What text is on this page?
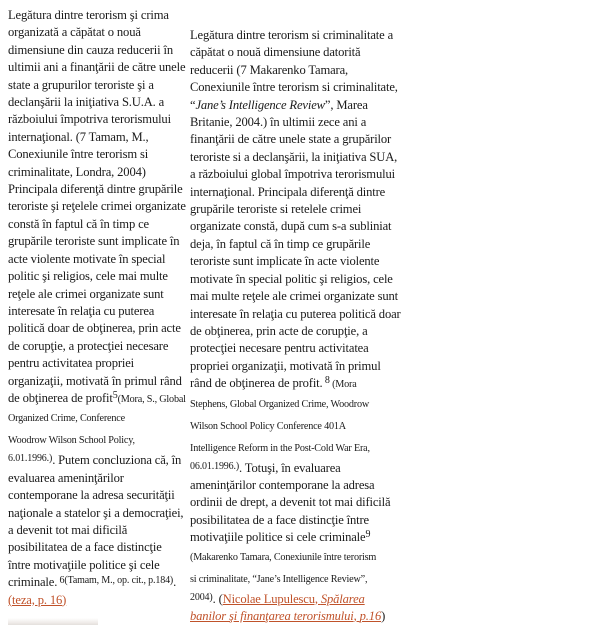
Legătura dintre terorism şi crima organizată a căpătat o nouă dimensiune din cauza reducerii în ultimii ani a finanţării de către unele state a grupurilor teroriste şi a declanşării la iniţiativa S.U.A. a războiului împotriva terorismului internaţional. (7 Tamam, M., Conexiunile între terorism si criminalitate, Londra, 2004) Principala diferenţă dintre grupările teroriste şi reţelele crimei organizate constă în faptul că în timp ce grupările teroriste sunt implicate în acte violente motivate în special politic şi religios, cele mai multe reţele ale crimei organizate sunt interesate în relaţia cu puterea politică doar de obţinerea, prin acte de corupţie, a protecţiei necesare pentru activitatea propriei organizaţii, motivată în primul rând de obţinerea de profit$^5$(Mora, S., Global
Organized Crime, Conference
Woodrow Wilson School Policy,
$^{6.01.1996.)}$. Putem concluziona că, în evaluarea ameninţărilor contemporane la adresa securităţii naţionale a statelor şi a democraţiei, a devenit tot mai dificilă posibilitatea de a face distincţie între motivaţiile politice şi cele criminale. $^{6(Tamam, M., op. cit., p.184)}$. (teza, p. 16)

Legătura dintre terorism si criminalitate a căpătat o nouă dimensiune datorită reducerii (7 Makarenko Tamara, Conexiunile între terorism si criminalitate, “Jane’s Intelligence Review”, Marea Britanie, 2004.) în ultimii zece ani a finanţării de către unele state a grupărilor teroriste si a declanşării, la iniţiativa SUA, a războiului global împotriva terorismului internaţional. Principala diferenţă dintre grupările teroriste si retelele crimei organizate constă, după cum s-a subliniat deja, în faptul că în timp ce grupările teroriste sunt implicate în acte violente motivate în special politic şi religios, cele mai multe reţele ale crimei organizate sunt interesate în relaţia cu puterea politică doar de obţinerea, prin acte de corupţie, a protecţiei necesare pentru activitatea propriei organizaţii, motivată în primul rând de obţinerea de profit. $^8$ (Mora
Stephens, Global Organized Crime, Woodrow
Wilson School Policy Conference 401A
Intelligence Reform in the Post-Cold War Era,
$^{06.01.1996.)}$. Totuşi, în evaluarea ameninţărilor contemporane la adresa ordinii de drept, a devenit tot mai dificilă posibilitatea de a face distincţie între motivaţiile politice si cele criminale$^9$
(Makarenko Tamara, Conexiunile între terorism
si criminalitate, “Jane’s Intelligence Review”,
$^{2004)}$. (Nicolae Lupulescu, Spălarea banilor şi finanţarea terorismului, p.16)
